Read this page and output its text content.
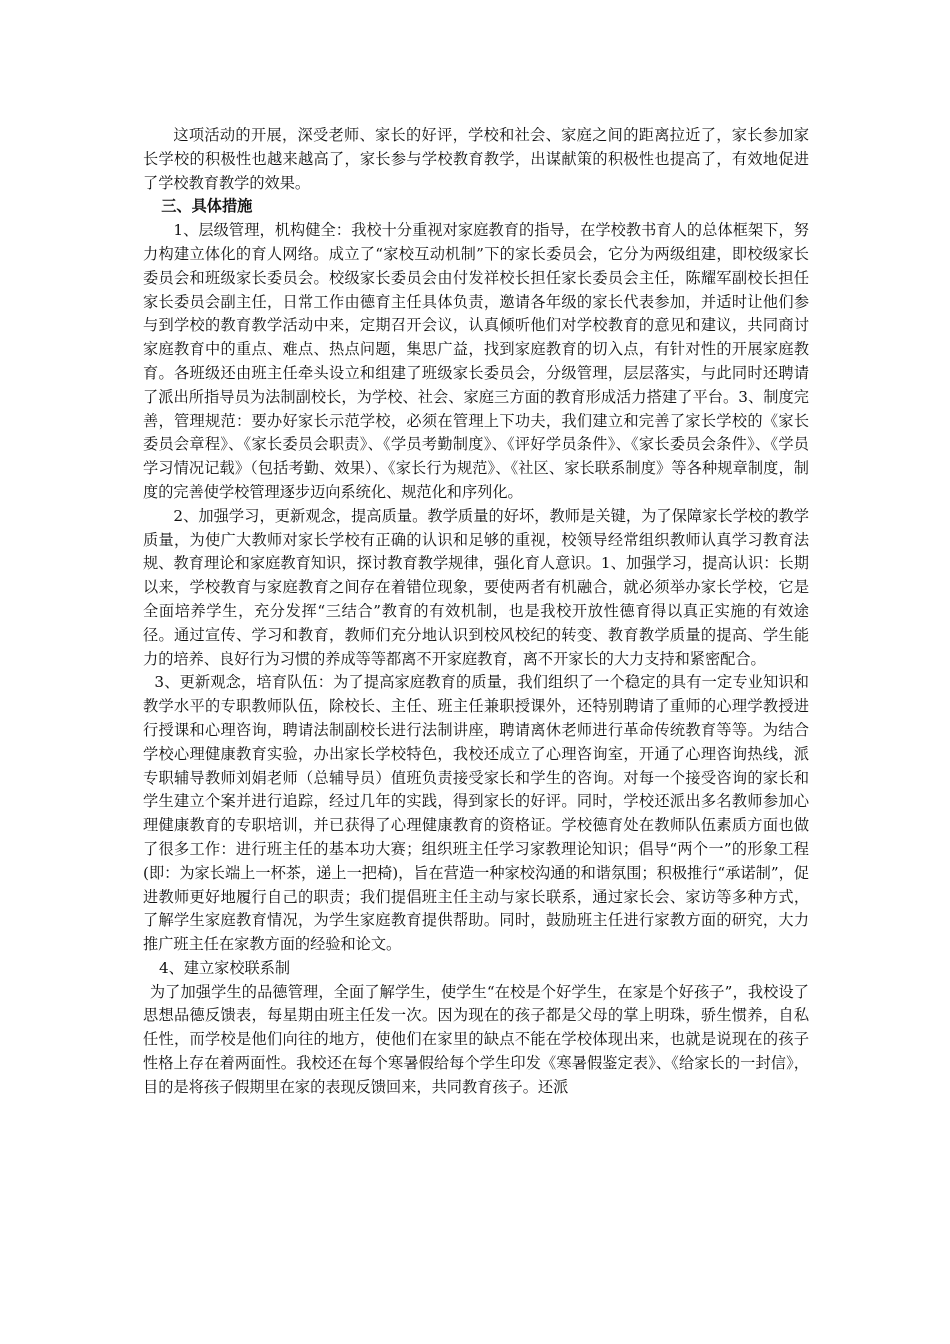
这项活动的开展，深受老师、家长的好评，学校和社会、家庭之间的距离拉近了，家长参加家长学校的积极性也越来越高了，家长参与学校教育教学，出谋献策的积极性也提高了，有效地促进了学校教育教学的效果。

三、具体措施

1、层级管理，机构健全：我校十分重视对家庭教育的指导，在学校教书育人的总体框架下，努力构建立体化的育人网络。成立了“家校互动机制”下的家长委员会，它分为两级组建，即校级家长委员会和班级家长委员会。校级家长委员会由付发祥校长担任家长委员会主任，陈耀军副校长担任家长委员会副主任，日常工作由德育主任具体负责，邀请各年级的家长代表参加，并适时让他们参与到学校的教育教学活动中来，定期召开会议，认真倾听他们对学校教育的意见和建议，共同商讨家庭教育中的重点、难点、热点问题，集思广益，找到家庭教育的切入点，有针对性的开展家庭教育。各班级还由班主任牵头设立和组建了班级家长委员会，分级管理，层层落实，与此同时还聘请了派出所指导员为法制副校长，为学校、社会、家庭三方面的教育形成活力搭建了平台。3、制度完善，管理规范：要办好家长示范学校，必须在管理上下功夫，我们建立和完善了家长学校的《家长委员会章程》、《家长委员会职责》、《学员考勤制度》、《评好学员条件》、《家长委员会条件》、《学员学习情况记载》（包括考勤、效果）、《家长行为规范》、《社区、家长联系制度》等各种规章制度，制度的完善使学校管理逐步迈向系统化、规范化和序列化。

2、加强学习，更新观念，提高质量。教学质量的好坏，教师是关键，为了保障家长学校的教学质量，为使广大教师对家长学校有正确的认识和足够的重视，校领导经常组织教师认真学习教育法规、教育理论和家庭教育知识，探讨教育教学规律，强化育人意识。1、加强学习，提高认识：长期以来，学校教育与家庭教育之间存在着错位现象，要使两者有机融合，就必须举办家长学校，它是全面培养学生，充分发挥“三结合”教育的有效机制，也是我校开放性德育得以真正实施的有效途径。通过宣传、学习和教育，教师们充分地认识到校风校纪的转变、教育教学质量的提高、学生能力的培养、良好行为习惯的养成等等都离不开家庭教育，离不开家长的大力支持和紧密配合。

3、更新观念，培育队伍：为了提高家庭教育的质量，我们组织了一个稳定的具有一定专业知识和教学水平的专职教师队伍，除校长、主任、班主任兼职授课外，还特别聘请了重师的心理学教授进行授课和心理咨询，聘请法制副校长进行法制讲座，聘请离休老师进行革命传统教育等等。为结合学校心理健康教育实验，办出家长学校特色，我校还成立了心理咨询室，开通了心理咨询热线，派专职辅导教师刘娟老师（总辅导员）值班负责接受家长和学生的咨询。对每一个接受咨询的家长和学生建立个案并进行追踪，经过几年的实践，得到家长的好评。同时，学校还派出多名教师参加心理健康教育的专职培训，并已获得了心理健康教育的资格证。学校德育处在教师队伍素质方面也做了很多工作：进行班主任的基本功大赛；组织班主任学习家教理论知识；倡导“两个一”的形象工程(即：为家长端上一杯茶，递上一把椅)，旨在营造一种家校沟通的和谐氛围；积极推行“承诺制”，促进教师更好地履行自己的职责；我们提倡班主任主动与家长联系，通过家长会、家访等多种方式，了解学生家庭教育情况，为学生家庭教育提供帮助。同时，鼓励班主任进行家教方面的研究，大力推广班主任在家教方面的经验和论文。

4、建立家校联系制

为了加强学生的品德管理，全面了解学生，使学生“在校是个好学生，在家是个好孩子”，我校设了思想品德反馈表，每星期由班主任发一次。因为现在的孩子都是父母的掌上明珠，骄生惯养，自私任性，而学校是他们向往的地方，使他们在家里的缺点不能在学校体现出来，也就是说现在的孩子性格上存在着两面性。我校还在每个寒暑假给每个学生印发《寒暑假鉴定表》、《给家长的一封信》，目的是将孩子假期里在家的表现反馈回来，共同教育孩子。还派
